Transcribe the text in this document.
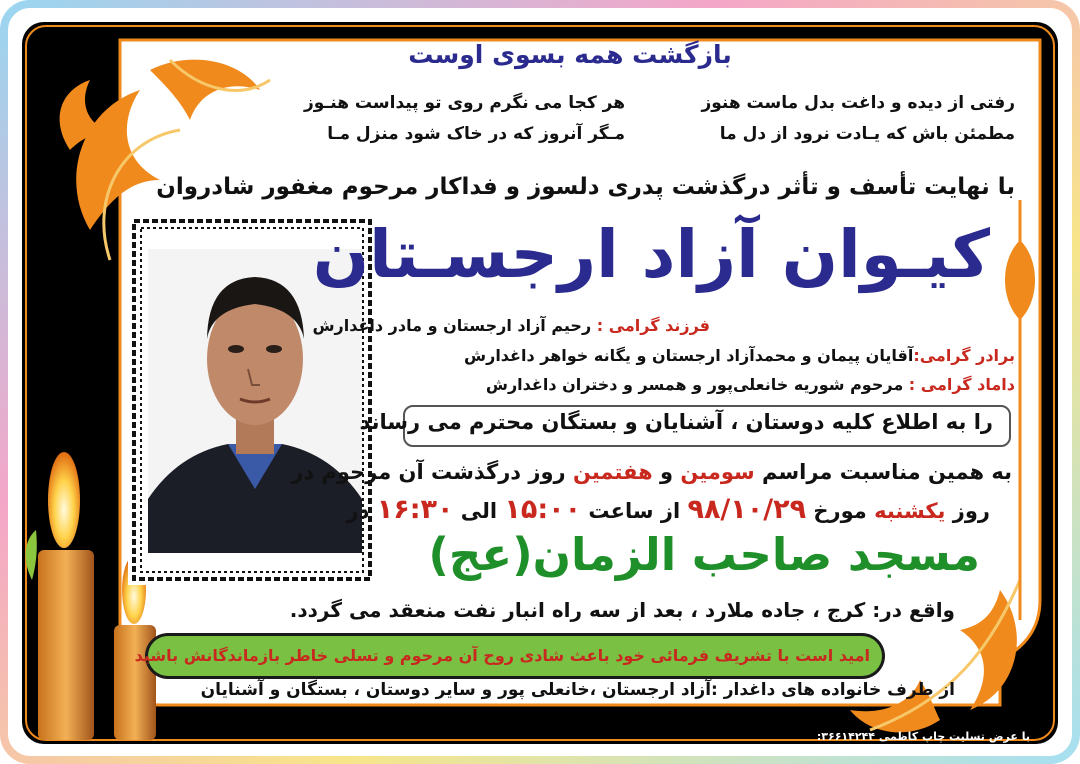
بازگشت همه بسوی اوست
رفتی از دیده و داغت بدل ماست هنوز
هر کجا می نگرم روی تو پیداست هنـوز
مطمئن باش که یـادت نرود از دل ما
مـگر آنروز که در خاک شود منزل مـا
با نهایت تأسف و تأثر درگذشت پدری دلسوز و فداکار مرحوم مغفور شادروان
کیـوان آزاد ارجسـتان
فرزند گرامی : رحیم آزاد ارجستان و مادر داغدارش
برادر گرامی:آقایان پیمان و محمدآزاد ارجستان و یگانه خواهر داغدارش
داماد گرامی : مرحوم شوریه خانعلی‌پور و همسر و دختران داغدارش
را به اطلاع کلیه دوستان ، آشنایان و بستگان محترم می رساند
به همین مناسبت مراسم سومین و هفتمین روز درگذشت آن مرحوم در
روز یکشنبه مورخ ۹۸/۱۰/۲۹ از ساعت ۱۵:۰۰ الی ۱۶:۳۰ در
مسجد صاحب الزمان(عج)
واقع در: کرج ، جاده ملارد ، بعد از سه راه انبار نفت منعقد می گردد.
امید است با تشریف فرمائی خود باعث شادی روح آن مرحوم و تسلی خاطر بازماندگانش باشید
از طرف خانواده های داغدار :آزاد ارجستان ،خانعلی پور و سایر دوستان ، بستگان و آشنایان
با عرض تسلیت چاپ کاظمی ۳۶۶۱۴۲۴۴:
